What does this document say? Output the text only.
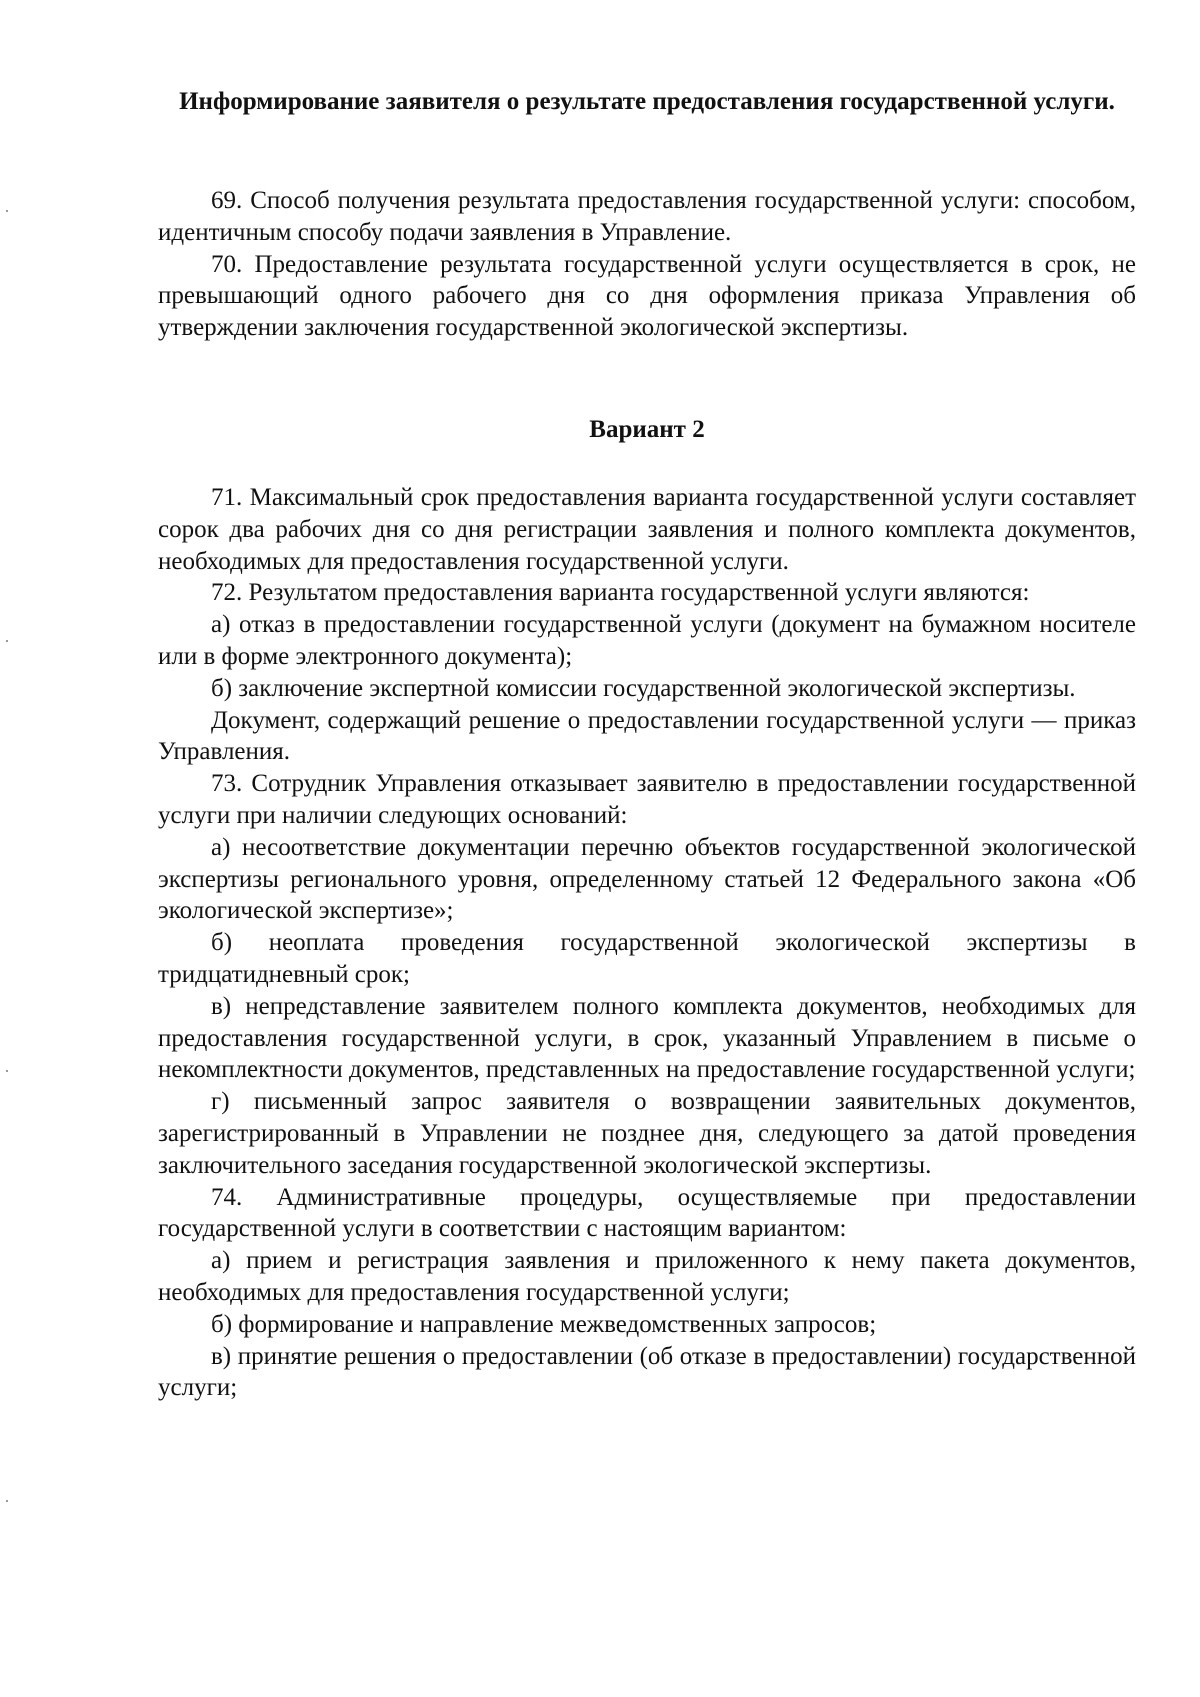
Информирование заявителя о результате предоставления государственной услуги.

69. Способ получения результата предоставления государственной услуги: способом, идентичным способу подачи заявления в Управление.

70. Предоставление результата государственной услуги осуществляется в срок, не превышающий одного рабочего дня со дня оформления приказа Управления об утверждении заключения государственной экологической экспертизы.

Вариант 2

71. Максимальный срок предоставления варианта государственной услуги составляет сорок два рабочих дня со дня регистрации заявления и полного комплекта документов, необходимых для предоставления государственной услуги.

72. Результатом предоставления варианта государственной услуги являются:

а) отказ в предоставлении государственной услуги (документ на бумажном носителе или в форме электронного документа);

б) заключение экспертной комиссии государственной экологической экспертизы.

Документ, содержащий решение о предоставлении государственной услуги — приказ Управления.

73. Сотрудник Управления отказывает заявителю в предоставлении государственной услуги при наличии следующих оснований:

а) несоответствие документации перечню объектов государственной экологической экспертизы регионального уровня, определенному статьей 12 Федерального закона «Об экологической экспертизе»;

б) неоплата проведения государственной экологической экспертизы в тридцатидневный срок;

в) непредставление заявителем полного комплекта документов, необходимых для предоставления государственной услуги, в срок, указанный Управлением в письме о некомплектности документов, представленных на предоставление государственной услуги;

г) письменный запрос заявителя о возвращении заявительных документов, зарегистрированный в Управлении не позднее дня, следующего за датой проведения заключительного заседания государственной экологической экспертизы.

74. Административные процедуры, осуществляемые при предоставлении государственной услуги в соответствии с настоящим вариантом:

а) прием и регистрация заявления и приложенного к нему пакета документов, необходимых для предоставления государственной услуги;

б) формирование и направление межведомственных запросов;

в) принятие решения о предоставлении (об отказе в предоставлении) государственной услуги;
